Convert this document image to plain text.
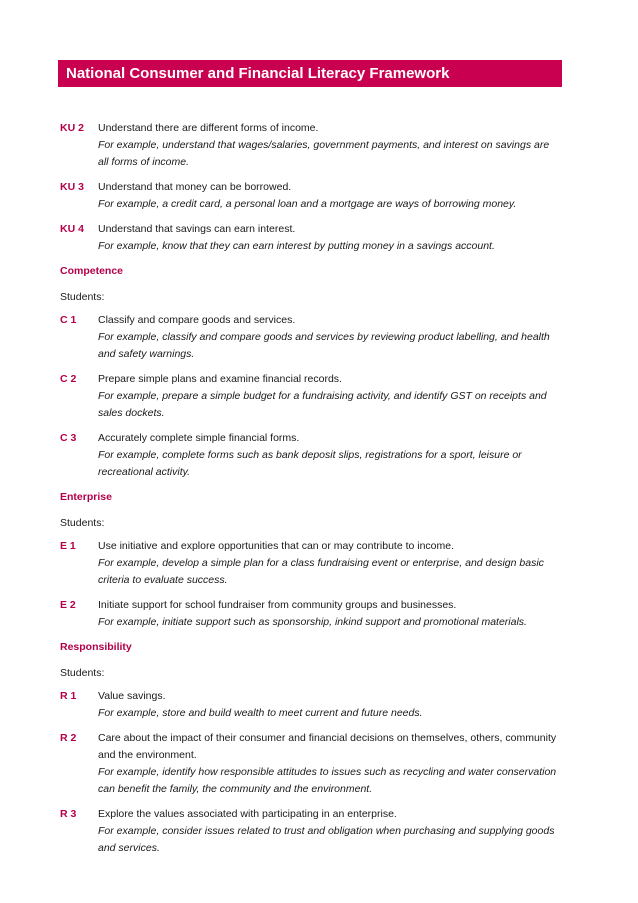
National Consumer and Financial Literacy Framework
KU 2	Understand there are different forms of income.
For example, understand that wages/salaries, government payments, and interest on savings are all forms of income.
KU 3	Understand that money can be borrowed.
For example, a credit card, a personal loan and a mortgage are ways of borrowing money.
KU 4	Understand that savings can earn interest.
For example, know that they can earn interest by putting money in a savings account.
Competence
Students:
C 1	Classify and compare goods and services.
For example, classify and compare goods and services by reviewing product labelling, and health and safety warnings.
C 2	Prepare simple plans and examine financial records.
For example, prepare a simple budget for a fundraising activity, and identify GST on receipts and sales dockets.
C 3	Accurately complete simple financial forms.
For example, complete forms such as bank deposit slips, registrations for a sport, leisure or recreational activity.
Enterprise
Students:
E 1	Use initiative and explore opportunities that can or may contribute to income.
For example, develop a simple plan for a class fundraising event or enterprise, and design basic criteria to evaluate success.
E 2	Initiate support for school fundraiser from community groups and businesses.
For example, initiate support such as sponsorship, inkind support and promotional materials.
Responsibility
Students:
R 1	Value savings.
For example, store and build wealth to meet current and future needs.
R 2	Care about the impact of their consumer and financial decisions on themselves, others, community and the environment.
For example, identify how responsible attitudes to issues such as recycling and water conservation can benefit the family, the community and the environment.
R 3	Explore the values associated with participating in an enterprise.
For example, consider issues related to trust and obligation when purchasing and supplying goods and services.
